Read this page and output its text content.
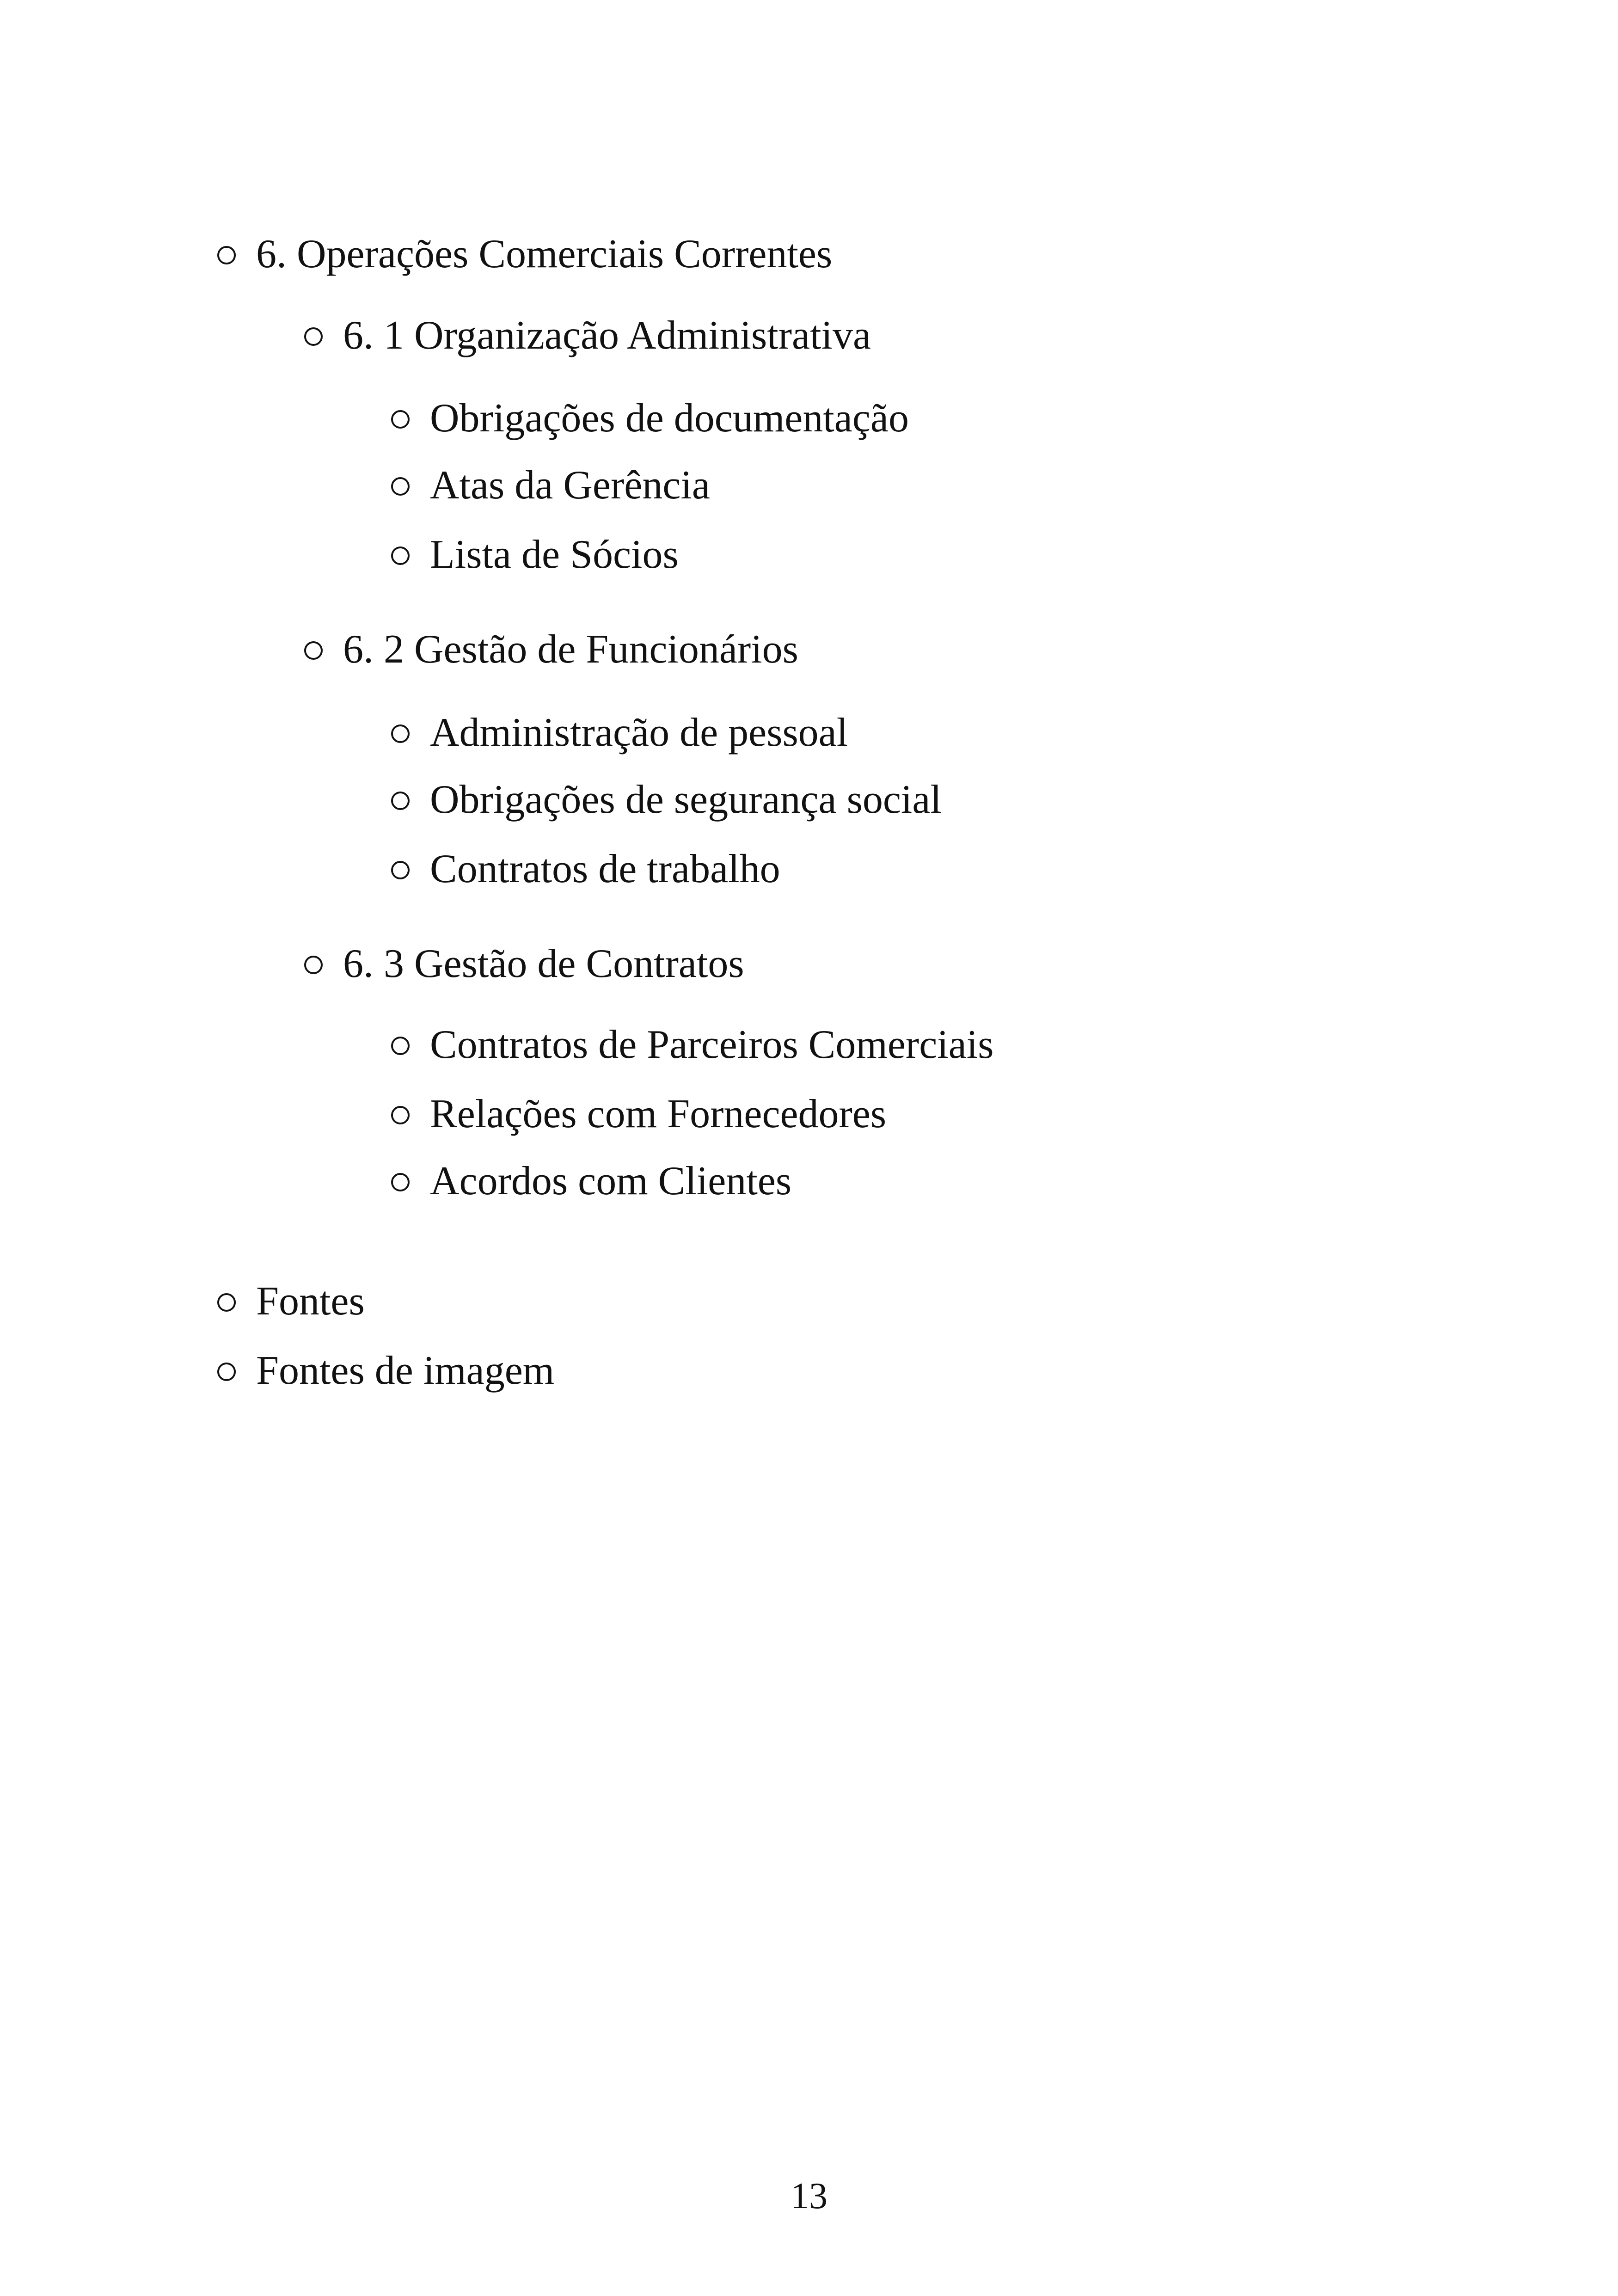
6. Operações Comerciais Correntes
6. 1 Organização Administrativa
Obrigações de documentação
Atas da Gerência
Lista de Sócios
6. 2 Gestão de Funcionários
Administração de pessoal
Obrigações de segurança social
Contratos de trabalho
6. 3 Gestão de Contratos
Contratos de Parceiros Comerciais
Relações com Fornecedores
Acordos com Clientes
Fontes
Fontes de imagem
13
